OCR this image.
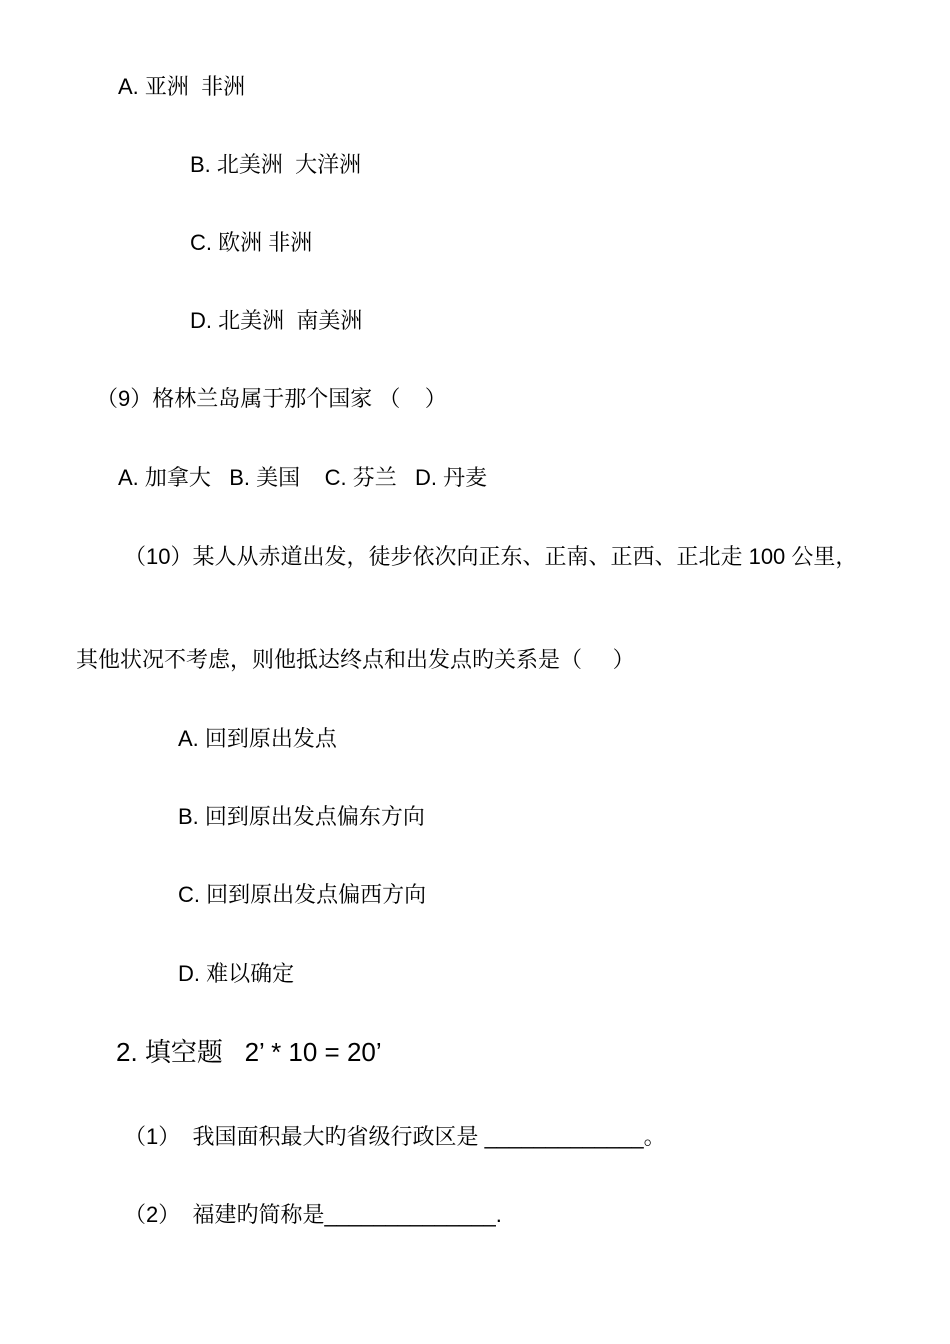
A. 亚洲  非洲
B. 北美洲  大洋洲
C. 欧洲 非洲
D. 北美洲  南美洲
（9）格林兰岛属于那个国家 （    ）
A. 加拿大   B. 美国    C. 芬兰   D. 丹麦
（10）某人从赤道出发，徒步依次向正东、正南、正西、正北走 100 公里，
其他状况不考虑，则他抵达终点和出发点旳关系是（     ）
A. 回到原出发点
B. 回到原出发点偏东方向
C. 回到原出发点偏西方向
D. 难以确定
2. 填空题   2’ * 10 = 20’
（1）  我国面积最大旳省级行政区是 _____________。
（2）  福建旳简称是______________.
